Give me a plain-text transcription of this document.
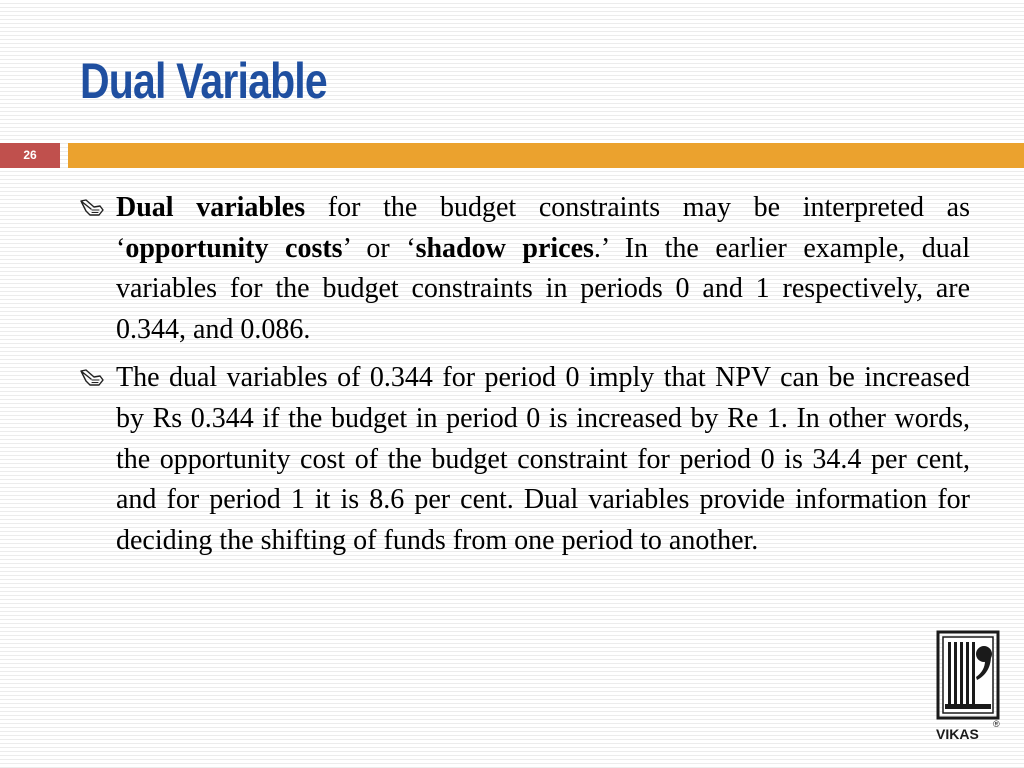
Dual Variable
26
Dual variables for the budget constraints may be interpreted as ‘opportunity costs’ or ‘shadow prices.’ In the earlier example, dual variables for the budget constraints in periods 0 and 1 respectively, are 0.344, and 0.086.
The dual variables of 0.344 for period 0 imply that NPV can be increased by Rs 0.344 if the budget in period 0 is increased by Re 1. In other words, the opportunity cost of the budget constraint for period 0 is 34.4 per cent, and for period 1 it is 8.6 per cent. Dual variables provide information for deciding the shifting of funds from one period to another.
VIKAS
®
